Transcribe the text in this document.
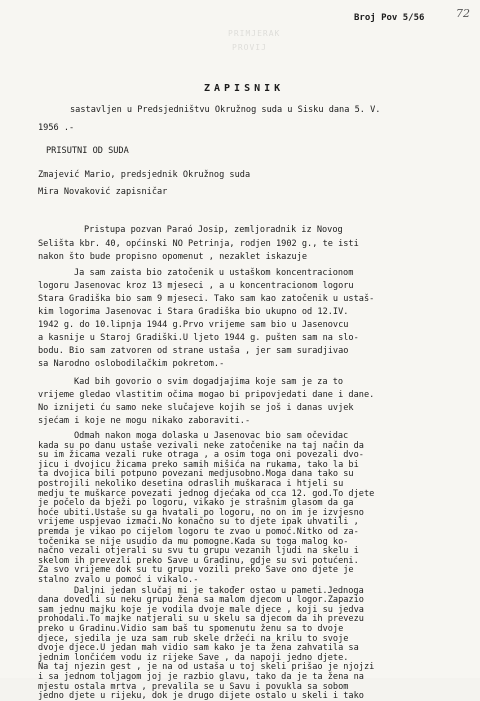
PRIMJERAK
PROVIJ
Broj Pov 5/56	72
ZAPISNIK
sastavljen u Predsjedništvu Okružnog suda u Sisku dana 5. V.
1956 .-
PRISUTNI OD SUDA
Zmajević Mario, predsjednik Okružnog suda
Mira Novaković zapisničar
Pristupa pozvan Paraó Josip, zemljoradnik iz Novog
Selišta kbr. 40, općinski NO Petrinja, rodjen 1902 g., te isti
nakon što bude propisno opomenut , nezaklet iskazuje
Ja sam zaista bio zatočenik u ustaškom koncentracionom
logoru Jasenovac kroz 13 mjeseci , a u koncentracionom logoru
Stara Gradiška bio sam 9 mjeseci. Tako sam kao zatočenik u ustaš-
kim logorima Jasenovac i Stara Gradiška bio ukupno od 12.IV.
1942 g. do 10.lipnja 1944 g.Prvo vrijeme sam bio u Jasenovcu
a kasnije u Staroj Gradiški.U ljeto 1944 g. pušten sam na slo-
bodu. Bio sam zatvoren od strane ustaša , jer sam suradjivao
sa Narodno oslobodilačkim pokretom.-
Kad bih govorio o svim dogadjajima koje sam je za to
vrijeme gledao vlastitim očima mogao bi pripovjedati dane i dane.
No iznijeti ću samo neke slučajeve kojih se još i danas uvjek
sjećam i koje ne mogu nikako zaboraviti.-
Odmah nakon moga dolaska u Jasenovac bio sam očevidac
kada su po danu ustaše vezivali neke zatočenike na taj način da
su im žicama vezali ruke otraga , a osim toga oni povezali dvo-
jicu i dvojicu žicama preko samih mišića na rukama, tako la bi
ta dvojica bili potpuno povezani medjusobno.Moga dana tako su
postrojili nekoliko desetina odraslih muškaraca i htjeli su
medju te muškarce povezati jednog djećaka od cca 12. god.To djete
je počelo da bježi po logoru, vikako je strašnim glasom da ga
hoće ubiti.Ustaše su ga hvatali po logoru, no on im je izvjesno
vrijeme uspjevao izmaći.No konačno su to djete ipak uhvatili ,
premda je vikao po cijelom logoru te zvao u pomoć.Nitko od za-
točenika se nije usudio da mu pomogne.Kada su toga malog ko-
načno vezali otjerali su svu tu grupu vezanih ljudi na skelu i
skelom ih prevezli preko Save u Gradinu, gdje su svi potućeni.
Za svo vrijeme dok su tu grupu vozili preko Save ono djete je
stalno zvalo u pomoć i vikalo.-
Daljni jedan slučaj mi je također ostao u pameti.Jednoga
dana dovedli su neku grupu žena sa malom djecom u logor.Zapazio
sam jednu majku koje je vodila dvoje male djece , koji su jedva
prohodali.To majke natjerali su u skelu sa djecom da ih prevezu
preko u Gradinu.Vidio sam baš tu spomenutu ženu sa to dvoje
djece, sjedila je uza sam rub skele držeći na krilu to svoje
dvoje djece.U jedan mah vidio sam kako je ta žena zahvatila sa
jednim lončićem vodu iz rijeke Save , da napoji jedno djete.
Na taj njezin gest , je na od ustaša u toj skeli prišao je njojzi
i sa jednom toljagom joj je razbio glavu, tako da je ta žena na
mjestu ostala mrtva , prevalila se u Savu i povukla sa sobom
jedno djete u rijeku, dok je drugo dijete ostalo u skeli i tako
